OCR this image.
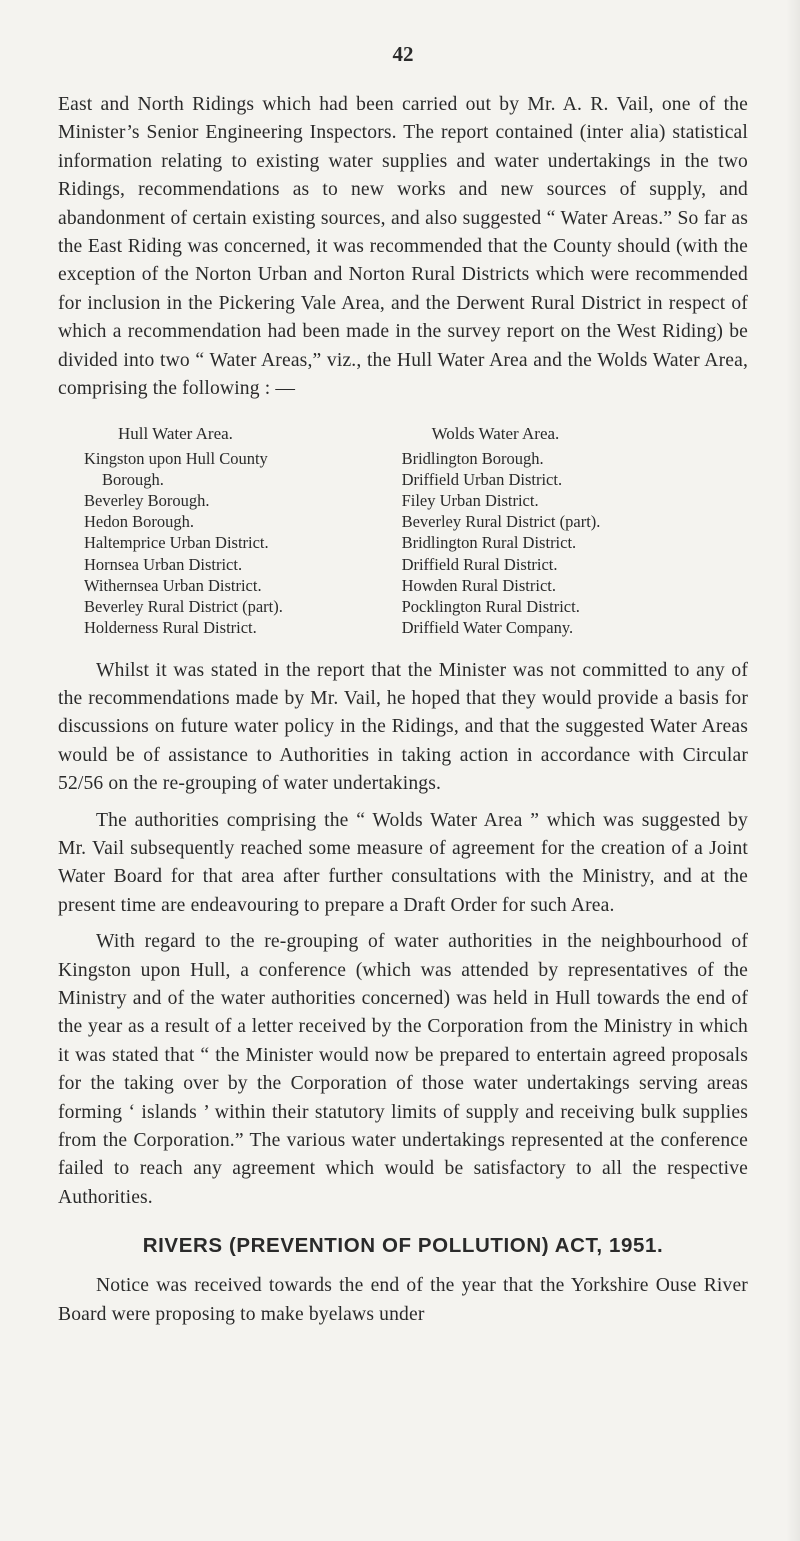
42

East and North Ridings which had been carried out by Mr. A. R. Vail, one of the Minister’s Senior Engineering Inspectors. The report contained (inter alia) statistical information relating to existing water supplies and water undertakings in the two Ridings, recommendations as to new works and new sources of supply, and abandonment of certain existing sources, and also suggested “ Water Areas.” So far as the East Riding was concerned, it was recommended that the County should (with the exception of the Norton Urban and Norton Rural Districts which were recommended for inclusion in the Pickering Vale Area, and the Derwent Rural District in respect of which a recommendation had been made in the survey report on the West Riding) be divided into two “ Water Areas,” viz., the Hull Water Area and the Wolds Water Area, comprising the following : —

Hull Water Area.
Kingston upon Hull County
Borough.
Beverley Borough.
Hedon Borough.
Haltemprice Urban District.
Hornsea Urban District.
Withernsea Urban District.
Beverley Rural District (part).
Holderness Rural District.
Wolds Water Area.
Bridlington Borough.
Driffield Urban District.
Filey Urban District.
Beverley Rural District (part).
Bridlington Rural District.
Driffield Rural District.
Howden Rural District.
Pocklington Rural District.
Driffield Water Company.

Whilst it was stated in the report that the Minister was not committed to any of the recommendations made by Mr. Vail, he hoped that they would provide a basis for discussions on future water policy in the Ridings, and that the suggested Water Areas would be of assistance to Authorities in taking action in accordance with Circular 52/56 on the re-grouping of water undertakings.

The authorities comprising the “ Wolds Water Area ” which was suggested by Mr. Vail subsequently reached some measure of agreement for the creation of a Joint Water Board for that area after further consultations with the Ministry, and at the present time are endeavouring to prepare a Draft Order for such Area.

With regard to the re-grouping of water authorities in the neighbourhood of Kingston upon Hull, a conference (which was attended by representatives of the Ministry and of the water authorities concerned) was held in Hull towards the end of the year as a result of a letter received by the Corporation from the Ministry in which it was stated that “ the Minister would now be prepared to entertain agreed proposals for the taking over by the Corporation of those water undertakings serving areas forming ‘ islands ’ within their statutory limits of supply and receiving bulk supplies from the Corporation.” The various water undertakings represented at the conference failed to reach any agreement which would be satisfactory to all the respective Authorities.

RIVERS (PREVENTION OF POLLUTION) ACT, 1951.

Notice was received towards the end of the year that the Yorkshire Ouse River Board were proposing to make byelaws under
